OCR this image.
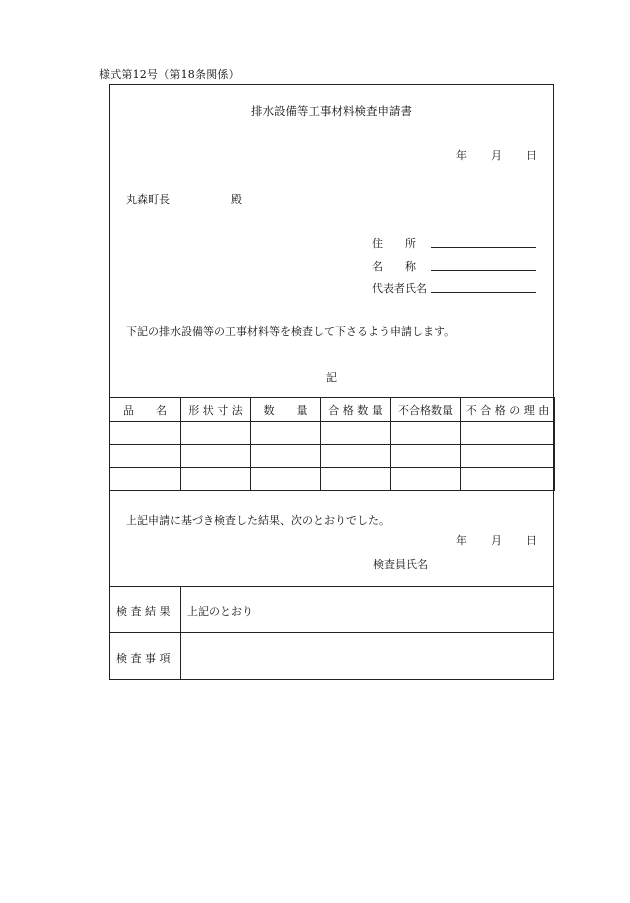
様式第12号（第18条関係）
排水設備等工事材料検査申請書
年 月 日
丸森町長	殿
住　　所
名　　称
代表者氏名
下記の排水設備等の工事材料等を検査して下さるよう申請します。
記
品　　名	形 状 寸 法	数　　量	合 格 数 量	不合格数量	不 合 格 の 理 由

上記申請に基づき検査した結果、次のとおりでした。
年 月 日
検査員氏名
検 査 結 果 上記のとおり
検 査 事 項
